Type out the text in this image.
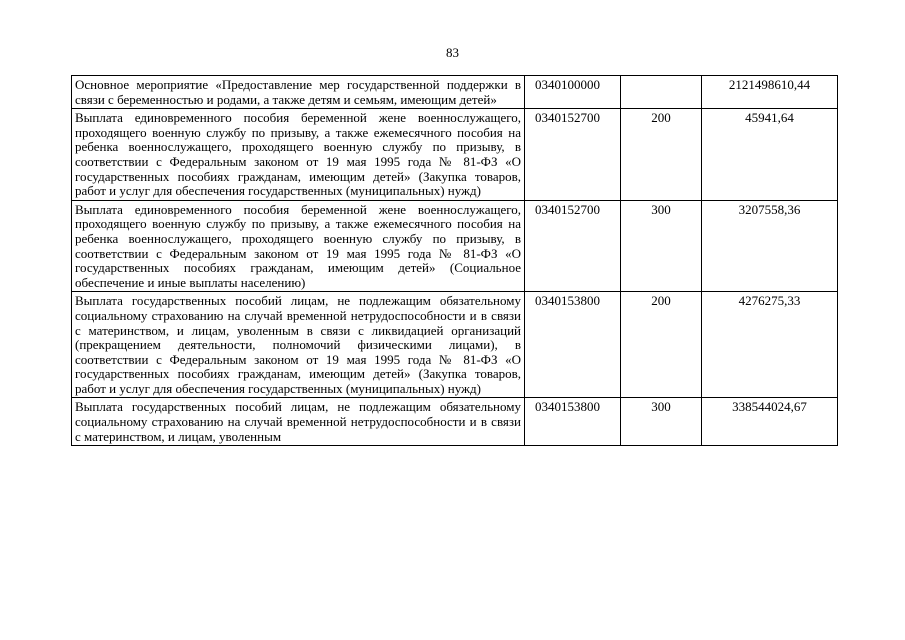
83
Основное мероприятие «Предоставление мер государственной поддержки в связи с беременностью и родами, а также детям и семьям, имеющим детей»	0340100000		2121498610,44
Выплата единовременного пособия беременной жене военнослужащего, проходящего военную службу по призыву, а также ежемесячного пособия на ребенка военнослужащего, проходящего военную службу по призыву, в соответствии с Федеральным законом от 19 мая 1995 года № 81-ФЗ «О государственных пособиях гражданам, имеющим детей» (Закупка товаров, работ и услуг для обеспечения государственных (муниципальных) нужд)	0340152700	200	45941,64
Выплата единовременного пособия беременной жене военнослужащего, проходящего военную службу по призыву, а также ежемесячного пособия на ребенка военнослужащего, проходящего военную службу по призыву, в соответствии с Федеральным законом от 19 мая 1995 года № 81-ФЗ «О государственных пособиях гражданам, имеющим детей» (Социальное обеспечение и иные выплаты населению)	0340152700	300	3207558,36
Выплата государственных пособий лицам, не подлежащим обязательному социальному страхованию на случай временной нетрудоспособности и в связи с материнством, и лицам, уволенным в связи с ликвидацией организаций (прекращением деятельности, полномочий физическими лицами), в соответствии с Федеральным законом от 19 мая 1995 года № 81-ФЗ «О государственных пособиях гражданам, имеющим детей» (Закупка товаров, работ и услуг для обеспечения государственных (муниципальных) нужд)	0340153800	200	4276275,33
Выплата государственных пособий лицам, не подлежащим обязательному социальному страхованию на случай временной нетрудоспособности и в связи с материнством, и лицам, уволенным	0340153800	300	338544024,67
